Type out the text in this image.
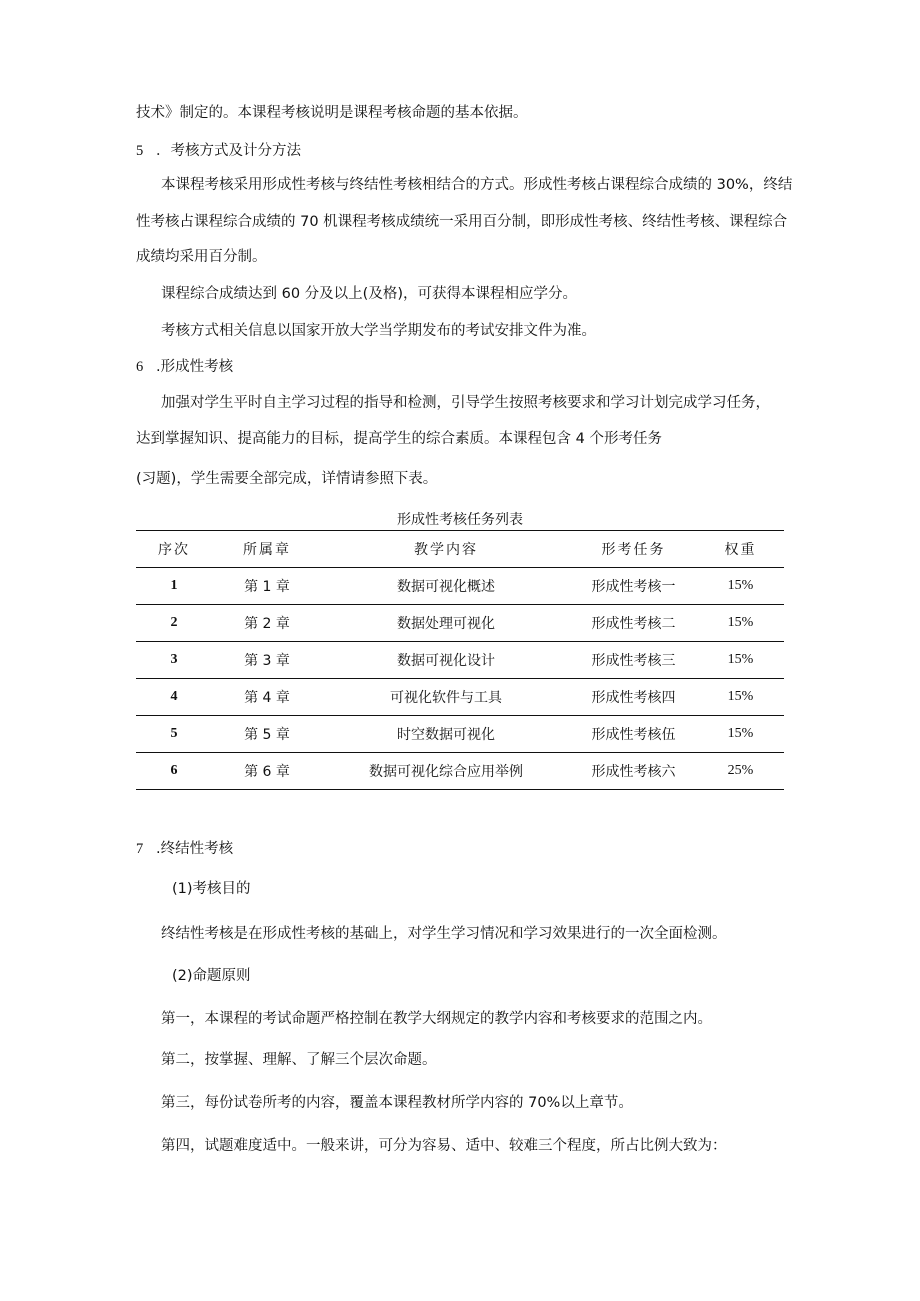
技术》制定的。本课程考核说明是课程考核命题的基本依据。
5 ．考核方式及计分方法
本课程考核采用形成性考核与终结性考核相结合的方式。形成性考核占课程综合成绩的 30%，终结
性考核占课程综合成绩的 70 机课程考核成绩统一采用百分制，即形成性考核、终结性考核、课程综合
成绩均采用百分制。
课程综合成绩达到 60 分及以上(及格)，可获得本课程相应学分。
考核方式相关信息以国家开放大学当学期发布的考试安排文件为准。
6 .形成性考核
加强对学生平时自主学习过程的指导和检测，引导学生按照考核要求和学习计划完成学习任务，
达到掌握知识、提高能力的目标，提高学生的综合素质。本课程包含 4 个形考任务
(习题)，学生需要全部完成，详情请参照下表。
形成性考核任务列表
序次	所属章	教学内容	形考任务	权重
1	第 1 章	数据可视化概述	形成性考核一	15%
2	第 2 章	数据处理可视化	形成性考核二	15%
3	第 3 章	数据可视化设计	形成性考核三	15%
4	第 4 章	可视化软件与工具	形成性考核四	15%
5	第 5 章	时空数据可视化	形成性考核伍	15%
6	第 6 章	数据可视化综合应用举例	形成性考核六	25%
7 .终结性考核
(1)考核目的
终结性考核是在形成性考核的基础上，对学生学习情况和学习效果进行的一次全面检测。
(2)命题原则
第一，本课程的考试命题严格控制在教学大纲规定的教学内容和考核要求的范围之内。
第二，按掌握、理解、了解三个层次命题。
第三，每份试卷所考的内容，覆盖本课程教材所学内容的 70%以上章节。
第四，试题难度适中。一般来讲，可分为容易、适中、较难三个程度，所占比例大致为：
